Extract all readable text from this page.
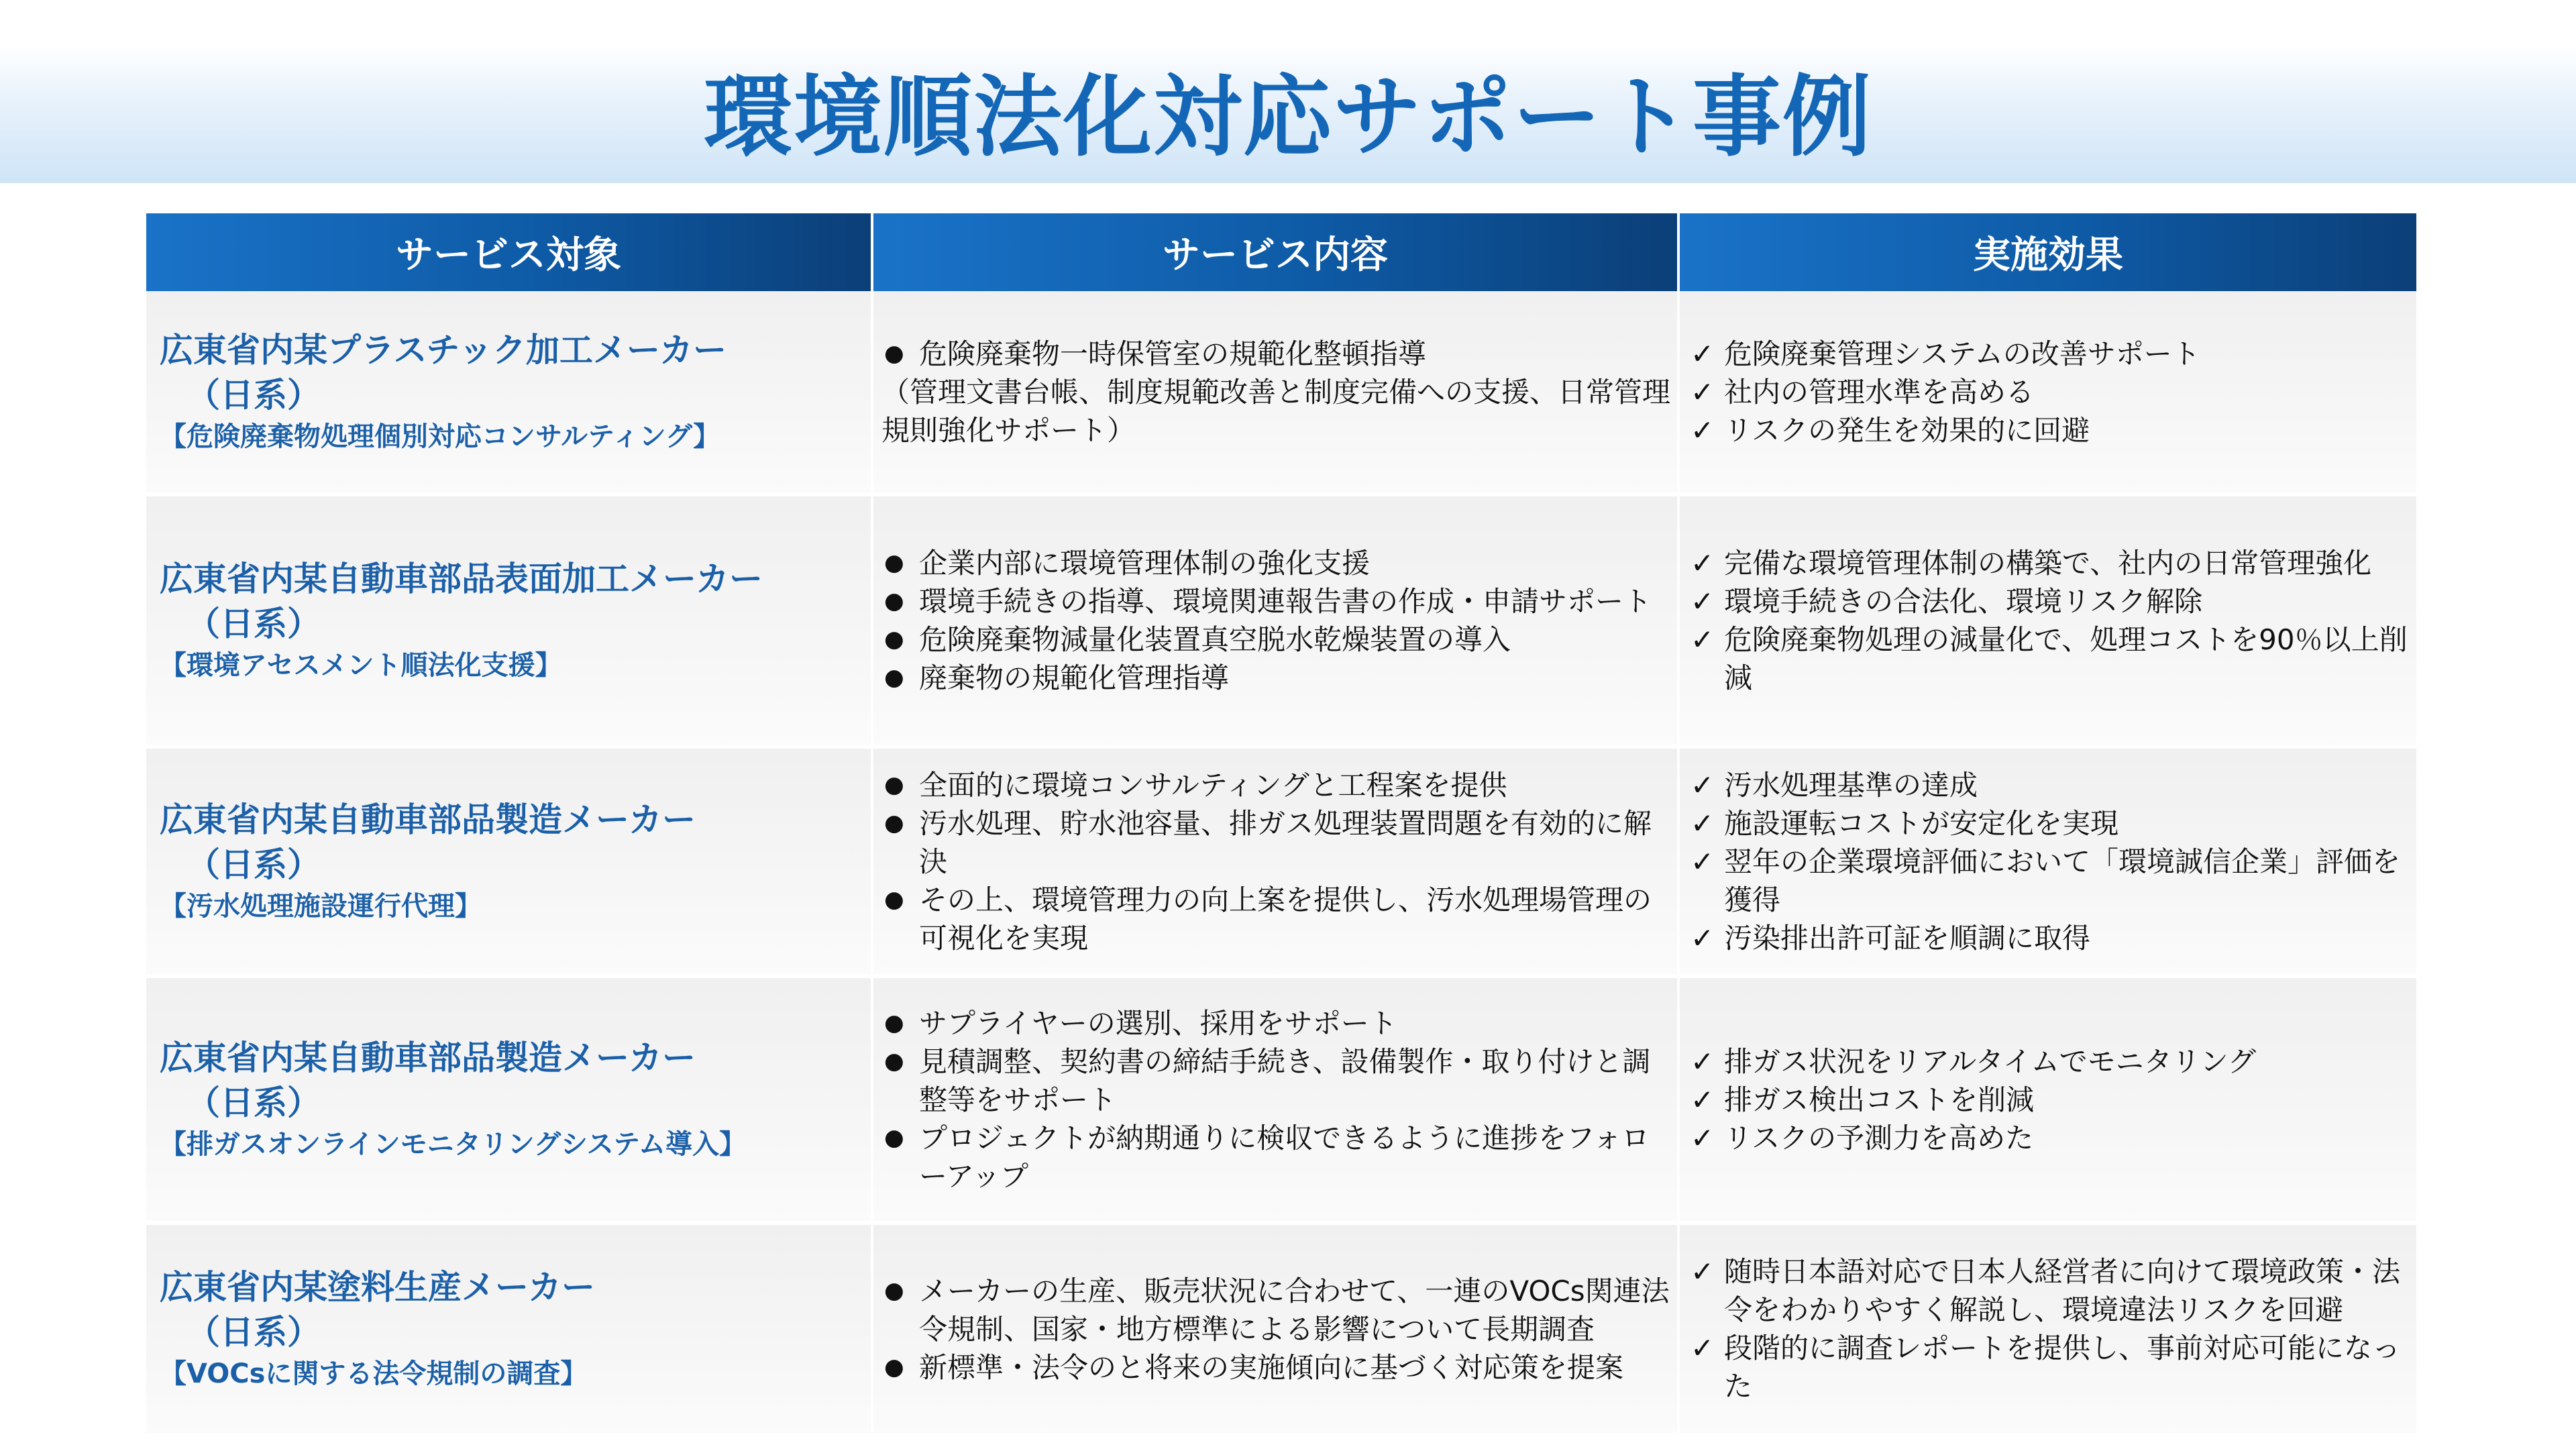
環境順法化対応サポート事例
サービス対象	サービス内容	実施効果
広東省内某プラスチック加工メーカー
（日系）
【危険廃棄物処理個別対応コンサルティング】
● 危険廃棄物一時保管室の規範化整頓指導
（管理文書台帳、制度規範改善と制度完備への支援、日常管理規則強化サポート）
✓ 危険廃棄管理システムの改善サポート
✓ 社内の管理水準を高める
✓ リスクの発生を効果的に回避
広東省内某自動車部品表面加工メーカー
（日系）
【環境アセスメント順法化支援】
● 企業内部に環境管理体制の強化支援
● 環境手続きの指導、環境関連報告書の作成・申請サポート
● 危険廃棄物減量化装置真空脱水乾燥装置の導入
● 廃棄物の規範化管理指導
✓ 完備な環境管理体制の構築で、社内の日常管理強化
✓ 環境手続きの合法化、環境リスク解除
✓ 危険廃棄物処理の減量化で、処理コストを90％以上削減
広東省内某自動車部品製造メーカー
（日系）
【汚水処理施設運行代理】
● 全面的に環境コンサルティングと工程案を提供
● 汚水処理、貯水池容量、排ガス処理装置問題を有効的に解決
● その上、環境管理力の向上案を提供し、汚水処理場管理の可視化を実現
✓ 汚水処理基準の達成
✓ 施設運転コストが安定化を実現
✓ 翌年の企業環境評価において「環境誠信企業」評価を獲得
✓ 汚染排出許可証を順調に取得
広東省内某自動車部品製造メーカー
（日系）
【排ガスオンラインモニタリングシステム導入】
● サプライヤーの選別、採用をサポート
● 見積調整、契約書の締結手続き、設備製作・取り付けと調整等をサポート
● プロジェクトが納期通りに検収できるように進捗をフォローアップ
✓ 排ガス状況をリアルタイムでモニタリング
✓ 排ガス検出コストを削減
✓ リスクの予測力を高めた
広東省内某塗料生産メーカー
（日系）
【VOCsに関する法令規制の調査】
● メーカーの生産、販売状況に合わせて、一連のVOCs関連法令規制、国家・地方標準による影響について長期調査
● 新標準・法令のと将来の実施傾向に基づく対応策を提案
✓ 随時日本語対応で日本人経営者に向けて環境政策・法令をわかりやすく解説し、環境違法リスクを回避
✓ 段階的に調査レポートを提供し、事前対応可能になった
